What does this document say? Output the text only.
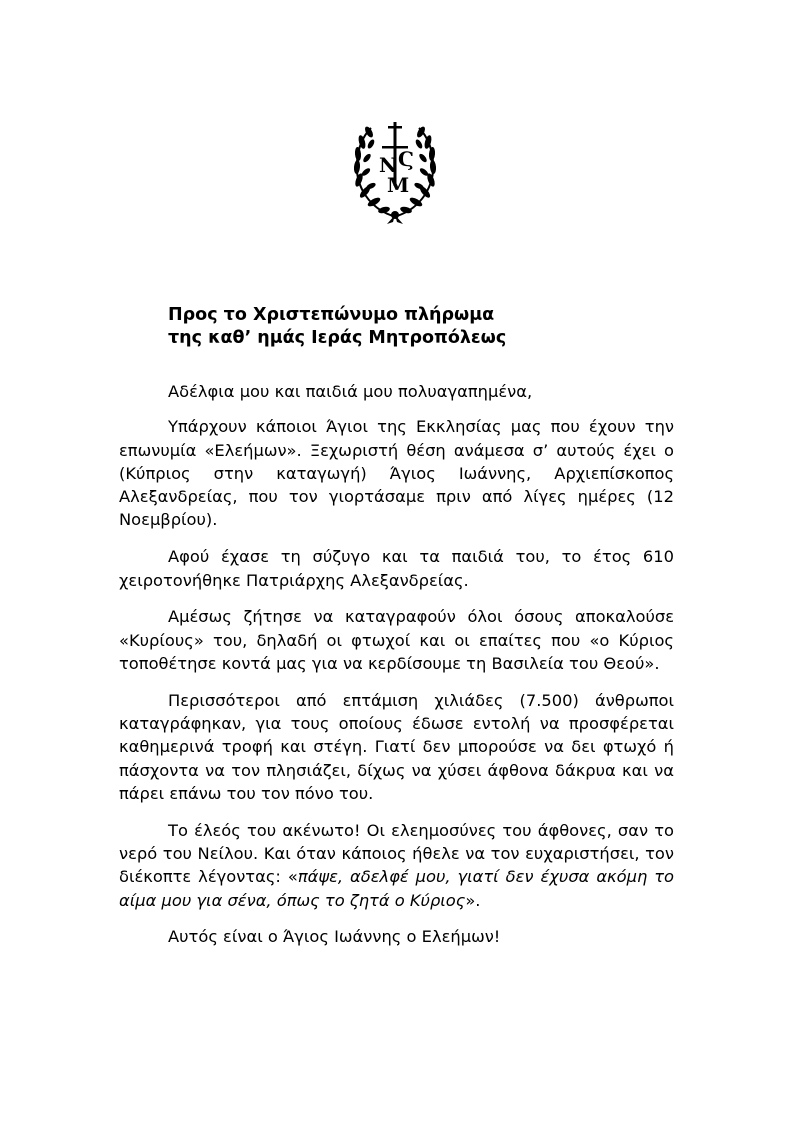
Ν Ϛ
Μ
Προς το Χριστεπώνυμο πλήρωμα
της καθ’ ημάς Ιεράς Μητροπόλεως

Αδέλφια μου και παιδιά μου πολυαγαπημένα,

Υπάρχουν κάποιοι Άγιοι της Εκκλησίας μας που έχουν την επωνυμία «Ελεήμων». Ξεχωριστή θέση ανάμεσα σ’ αυτούς έχει ο (Κύπριος στην καταγωγή) Άγιος Ιωάννης, Αρχιεπίσκοπος Αλεξανδρείας, που τον γιορτάσαμε πριν από λίγες ημέρες (12 Νοεμβρίου).

Αφού έχασε τη σύζυγο και τα παιδιά του, το έτος 610 χειροτονήθηκε Πατριάρχης Αλεξανδρείας.

Αμέσως ζήτησε να καταγραφούν όλοι όσους αποκαλούσε «Κυρίους» του, δηλαδή οι φτωχοί και οι επαίτες που «ο Κύριος τοποθέτησε κοντά μας για να κερδίσουμε τη Βασιλεία του Θεού».

Περισσότεροι από επτάμιση χιλιάδες (7.500) άνθρωποι καταγράφηκαν, για τους οποίους έδωσε εντολή να προσφέρεται καθημερινά τροφή και στέγη. Γιατί δεν μπορούσε να δει φτωχό ή πάσχοντα να τον πλησιάζει, δίχως να χύσει άφθονα δάκρυα και να πάρει επάνω του τον πόνο του.

Το έλεός του ακένωτο! Οι ελεημοσύνες του άφθονες, σαν το νερό του Νείλου. Και όταν κάποιος ήθελε να τον ευχαριστήσει, τον διέκοπτε λέγοντας: «πάψε, αδελφέ μου, γιατί δεν έχυσα ακόμη το αίμα μου για σένα, όπως το ζητά ο Κύριος».

Αυτός είναι ο Άγιος Ιωάννης ο Ελεήμων!
